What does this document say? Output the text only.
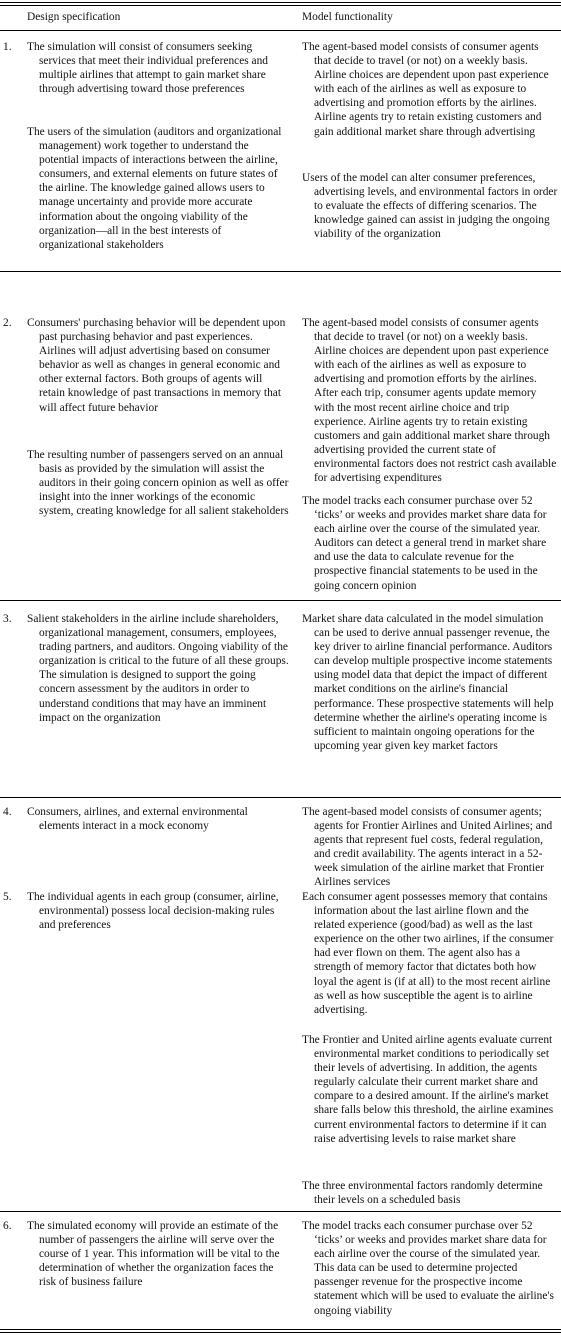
Design specification	Model functionality
1. The simulation will consist of consumers seeking services that meet their individual preferences and multiple airlines that attempt to gain market share through advertising toward those preferences
The users of the simulation (auditors and organizational management) work together to understand the potential impacts of interactions between the airline, consumers, and external elements on future states of the airline. The knowledge gained allows users to manage uncertainty and provide more accurate information about the ongoing viability of the organization—all in the best interests of organizational stakeholders
The agent-based model consists of consumer agents that decide to travel (or not) on a weekly basis. Airline choices are dependent upon past experience with each of the airlines as well as exposure to advertising and promotion efforts by the airlines. Airline agents try to retain existing customers and gain additional market share through advertising
Users of the model can alter consumer preferences, advertising levels, and environmental factors in order to evaluate the effects of differing scenarios. The knowledge gained can assist in judging the ongoing viability of the organization
2. Consumers' purchasing behavior will be dependent upon past purchasing behavior and past experiences. Airlines will adjust advertising based on consumer behavior as well as changes in general economic and other external factors. Both groups of agents will retain knowledge of past transactions in memory that will affect future behavior
The resulting number of passengers served on an annual basis as provided by the simulation will assist the auditors in their going concern opinion as well as offer insight into the inner workings of the economic system, creating knowledge for all salient stakeholders
The agent-based model consists of consumer agents that decide to travel (or not) on a weekly basis. Airline choices are dependent upon past experience with each of the airlines as well as exposure to advertising and promotion efforts by the airlines. After each trip, consumer agents update memory with the most recent airline choice and trip experience. Airline agents try to retain existing customers and gain additional market share through advertising provided the current state of environmental factors does not restrict cash available for advertising expenditures
The model tracks each consumer purchase over 52 ‘ticks’ or weeks and provides market share data for each airline over the course of the simulated year. Auditors can detect a general trend in market share and use the data to calculate revenue for the prospective financial statements to be used in the going concern opinion
3. Salient stakeholders in the airline include shareholders, organizational management, consumers, employees, trading partners, and auditors. Ongoing viability of the organization is critical to the future of all these groups. The simulation is designed to support the going concern assessment by the auditors in order to understand conditions that may have an imminent impact on the organization
Market share data calculated in the model simulation can be used to derive annual passenger revenue, the key driver to airline financial performance. Auditors can develop multiple prospective income statements using model data that depict the impact of different market conditions on the airline's financial performance. These prospective statements will help determine whether the airline's operating income is sufficient to maintain ongoing operations for the upcoming year given key market factors
4. Consumers, airlines, and external environmental elements interact in a mock economy
The agent-based model consists of consumer agents; agents for Frontier Airlines and United Airlines; and agents that represent fuel costs, federal regulation, and credit availability. The agents interact in a 52-week simulation of the airline market that Frontier Airlines services
5. The individual agents in each group (consumer, airline, environmental) possess local decision-making rules and preferences
Each consumer agent possesses memory that contains information about the last airline flown and the related experience (good/bad) as well as the last experience on the other two airlines, if the consumer had ever flown on them. The agent also has a strength of memory factor that dictates both how loyal the agent is (if at all) to the most recent airline as well as how susceptible the agent is to airline advertising.
The Frontier and United airline agents evaluate current environmental market conditions to periodically set their levels of advertising. In addition, the agents regularly calculate their current market share and compare to a desired amount. If the airline's market share falls below this threshold, the airline examines current environmental factors to determine if it can raise advertising levels to raise market share
The three environmental factors randomly determine their levels on a scheduled basis
6. The simulated economy will provide an estimate of the number of passengers the airline will serve over the course of 1 year. This information will be vital to the determination of whether the organization faces the risk of business failure
The model tracks each consumer purchase over 52 ‘ticks’ or weeks and provides market share data for each airline over the course of the simulated year. This data can be used to determine projected passenger revenue for the prospective income statement which will be used to evaluate the airline's ongoing viability
